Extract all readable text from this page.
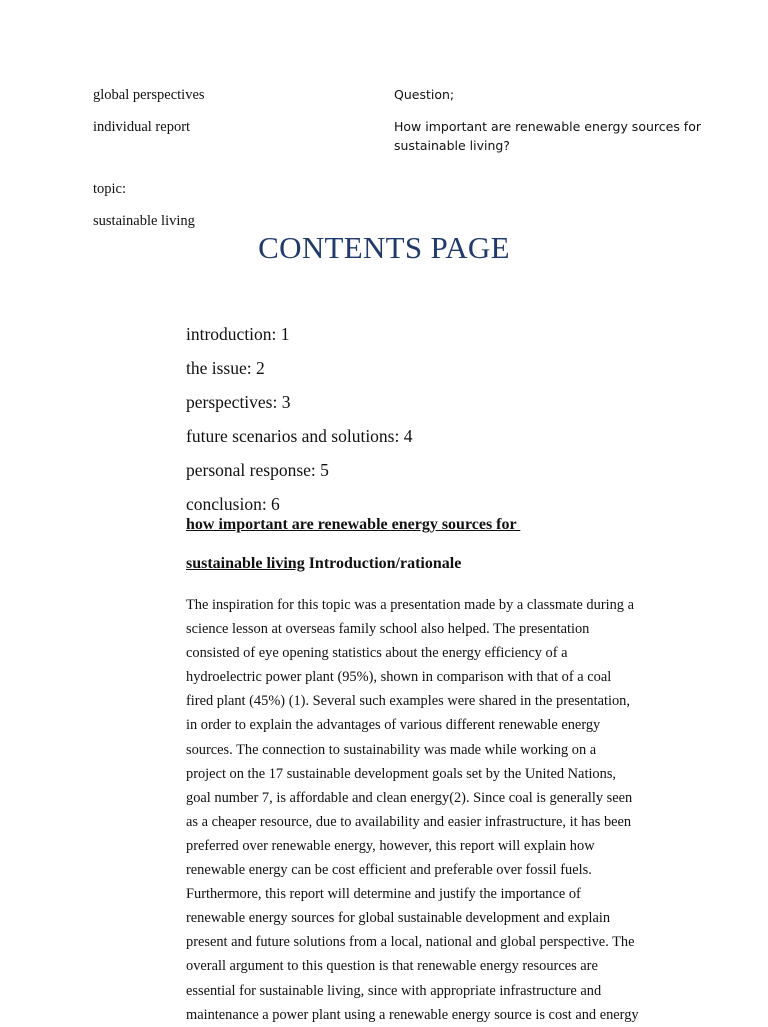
global perspectives
individual report
topic:
sustainable living
Question;
How important are renewable energy sources for
sustainable living?
CONTENTS PAGE
introduction: 1
the issue: 2
perspectives: 3
future scenarios and solutions: 4
personal response: 5
conclusion: 6
how important are renewable energy sources for
sustainable living Introduction/rationale
The inspiration for this topic was a presentation made by a classmate during a
science lesson at overseas family school also helped. The presentation
consisted of eye opening statistics about the energy efficiency of a
hydroelectric power plant (95%), shown in comparison with that of a coal
fired plant (45%) (1). Several such examples were shared in the presentation,
in order to explain the advantages of various different renewable energy
sources. The connection to sustainability was made while working on a
project on the 17 sustainable development goals set by the United Nations,
goal number 7, is affordable and clean energy(2). Since coal is generally seen
as a cheaper resource, due to availability and easier infrastructure, it has been
preferred over renewable energy, however, this report will explain how
renewable energy can be cost efficient and preferable over fossil fuels.
Furthermore, this report will determine and justify the importance of
renewable energy sources for global sustainable development and explain
present and future solutions from a local, national and global perspective. The
overall argument to this question is that renewable energy resources are
essential for sustainable living, since with appropriate infrastructure and
maintenance a power plant using a renewable energy source is cost and energy
